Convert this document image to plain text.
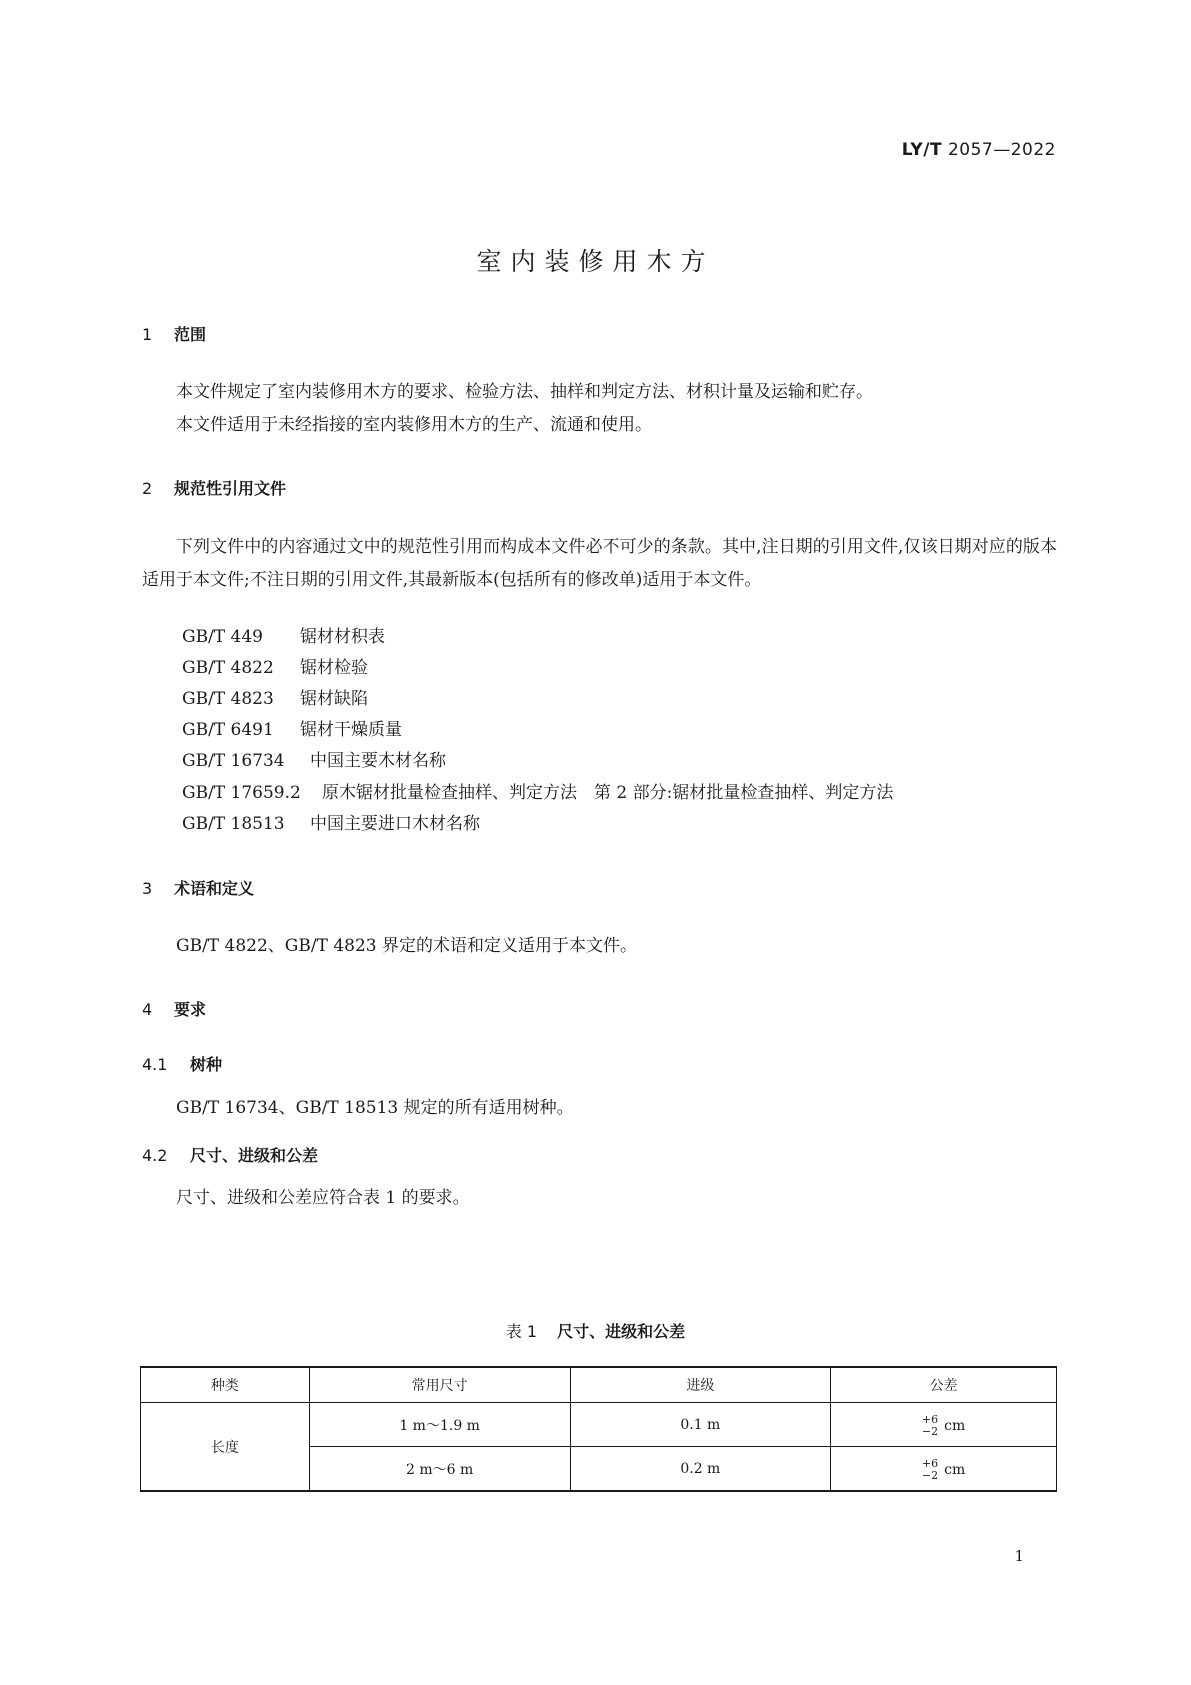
LY/T 2057—2022
室内装修用木方
1 范围
本文件规定了室内装修用木方的要求、检验方法、抽样和判定方法、材积计量及运输和贮存。
本文件适用于未经指接的室内装修用木方的生产、流通和使用。
2 规范性引用文件
下列文件中的内容通过文中的规范性引用而构成本文件必不可少的条款。其中,注日期的引用文件,仅该日期对应的版本适用于本文件;不注日期的引用文件,其最新版本(包括所有的修改单)适用于本文件。
GB/T 449 锯材材积表
GB/T 4822 锯材检验
GB/T 4823 锯材缺陷
GB/T 6491 锯材干燥质量
GB/T 16734 中国主要木材名称
GB/T 17659.2 原木锯材批量检查抽样、判定方法　第 2 部分:锯材批量检查抽样、判定方法
GB/T 18513 中国主要进口木材名称
3 术语和定义
GB/T 4822、GB/T 4823 界定的术语和定义适用于本文件。
4 要求
4.1 树种
GB/T 16734、GB/T 18513 规定的所有适用树种。
4.2 尺寸、进级和公差
尺寸、进级和公差应符合表 1 的要求。
表 1 尺寸、进级和公差
种类	常用尺寸	进级	公差
长度	1 m～1.9 m	0.1 m	+6
−2 cm

	2 m～6 m	0.2 m	+6
−2 cm
1
